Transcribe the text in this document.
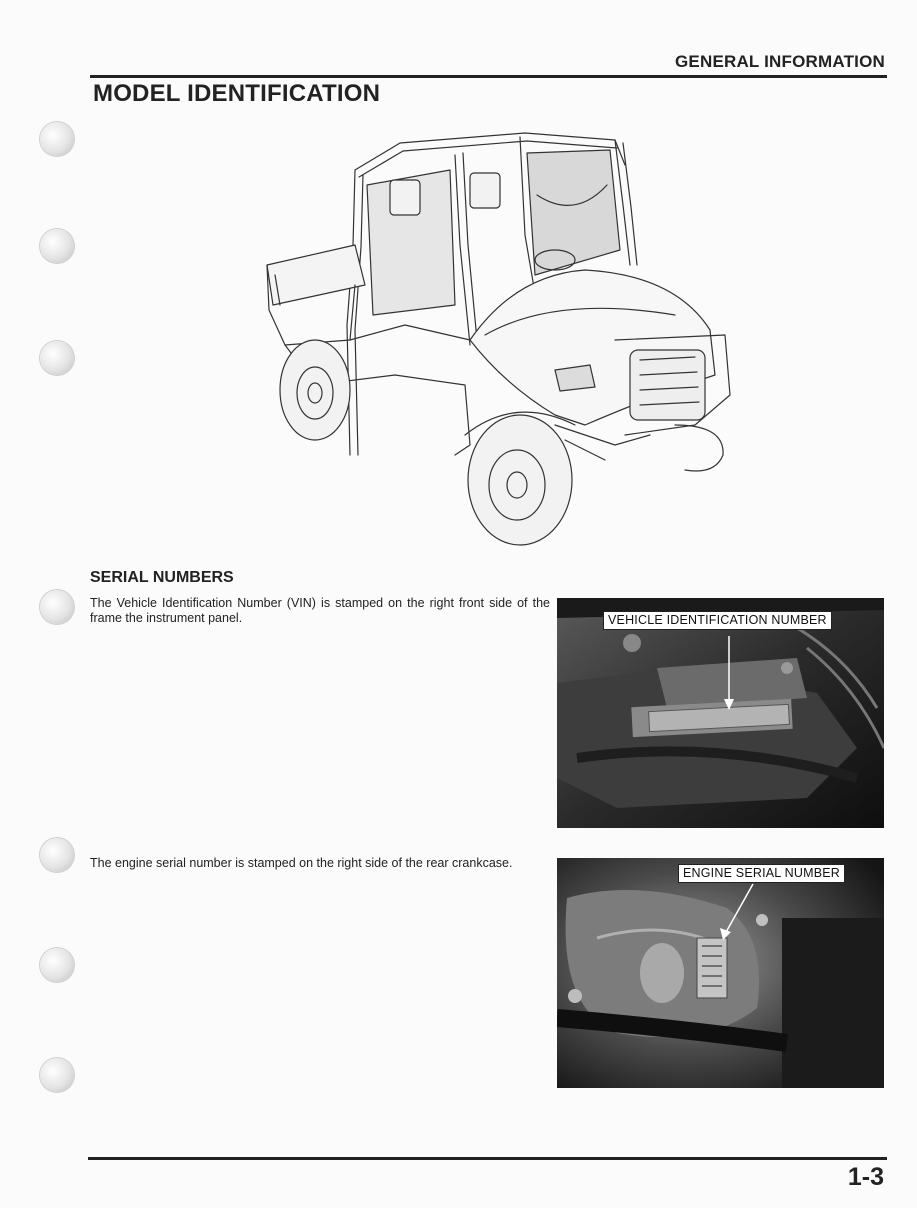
GENERAL INFORMATION
MODEL IDENTIFICATION
SERIAL NUMBERS

The Vehicle Identification Number (VIN) is stamped on the right front side of the frame the instrument panel.

The engine serial number is stamped on the right side of the rear crankcase.

VEHICLE IDENTIFICATION NUMBER
ENGINE SERIAL NUMBER
1-3
